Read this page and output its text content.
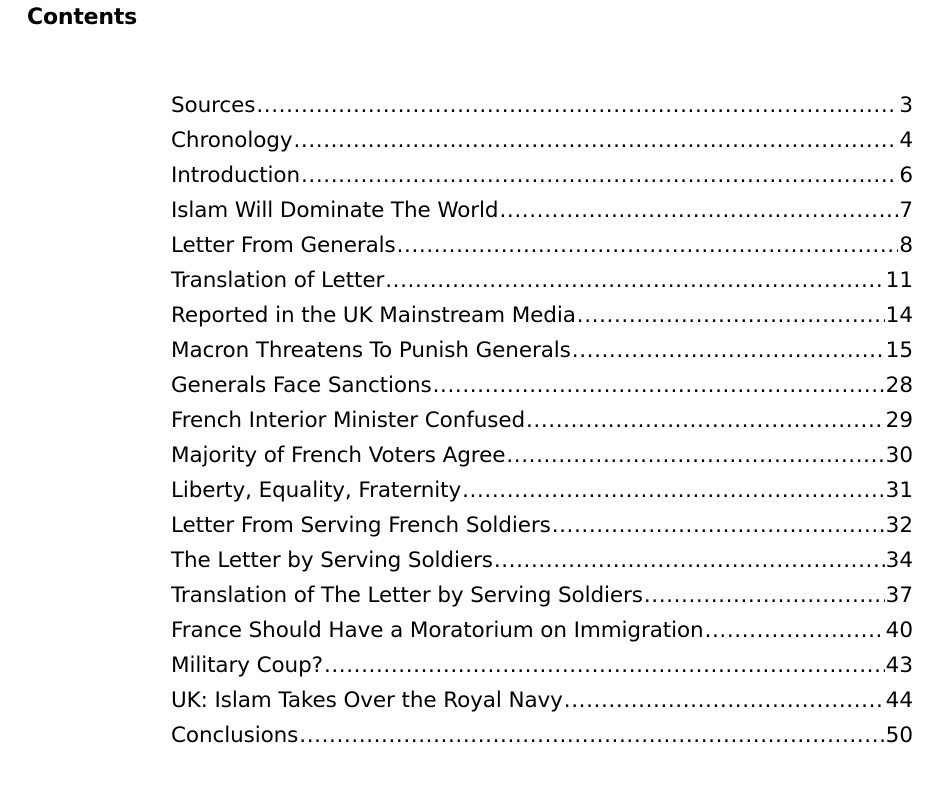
Contents
Sources .....	3
Chronology .....	4
Introduction .....	6
Islam Will Dominate The World .....	7
Letter From Generals .....	8
Translation of Letter .....	11
Reported in the UK Mainstream Media .....	14
Macron Threatens To Punish Generals .....	15
Generals Face Sanctions .....	28
French Interior Minister Confused .....	29
Majority of French Voters Agree .....	30
Liberty, Equality, Fraternity .....	31
Letter From Serving French Soldiers .....	32
The Letter by Serving Soldiers .....	34
Translation of The Letter by Serving Soldiers .....	37
France Should Have a Moratorium on Immigration .....	40
Military Coup? .....	43
UK: Islam Takes Over the Royal Navy .....	44
Conclusions .....	50
